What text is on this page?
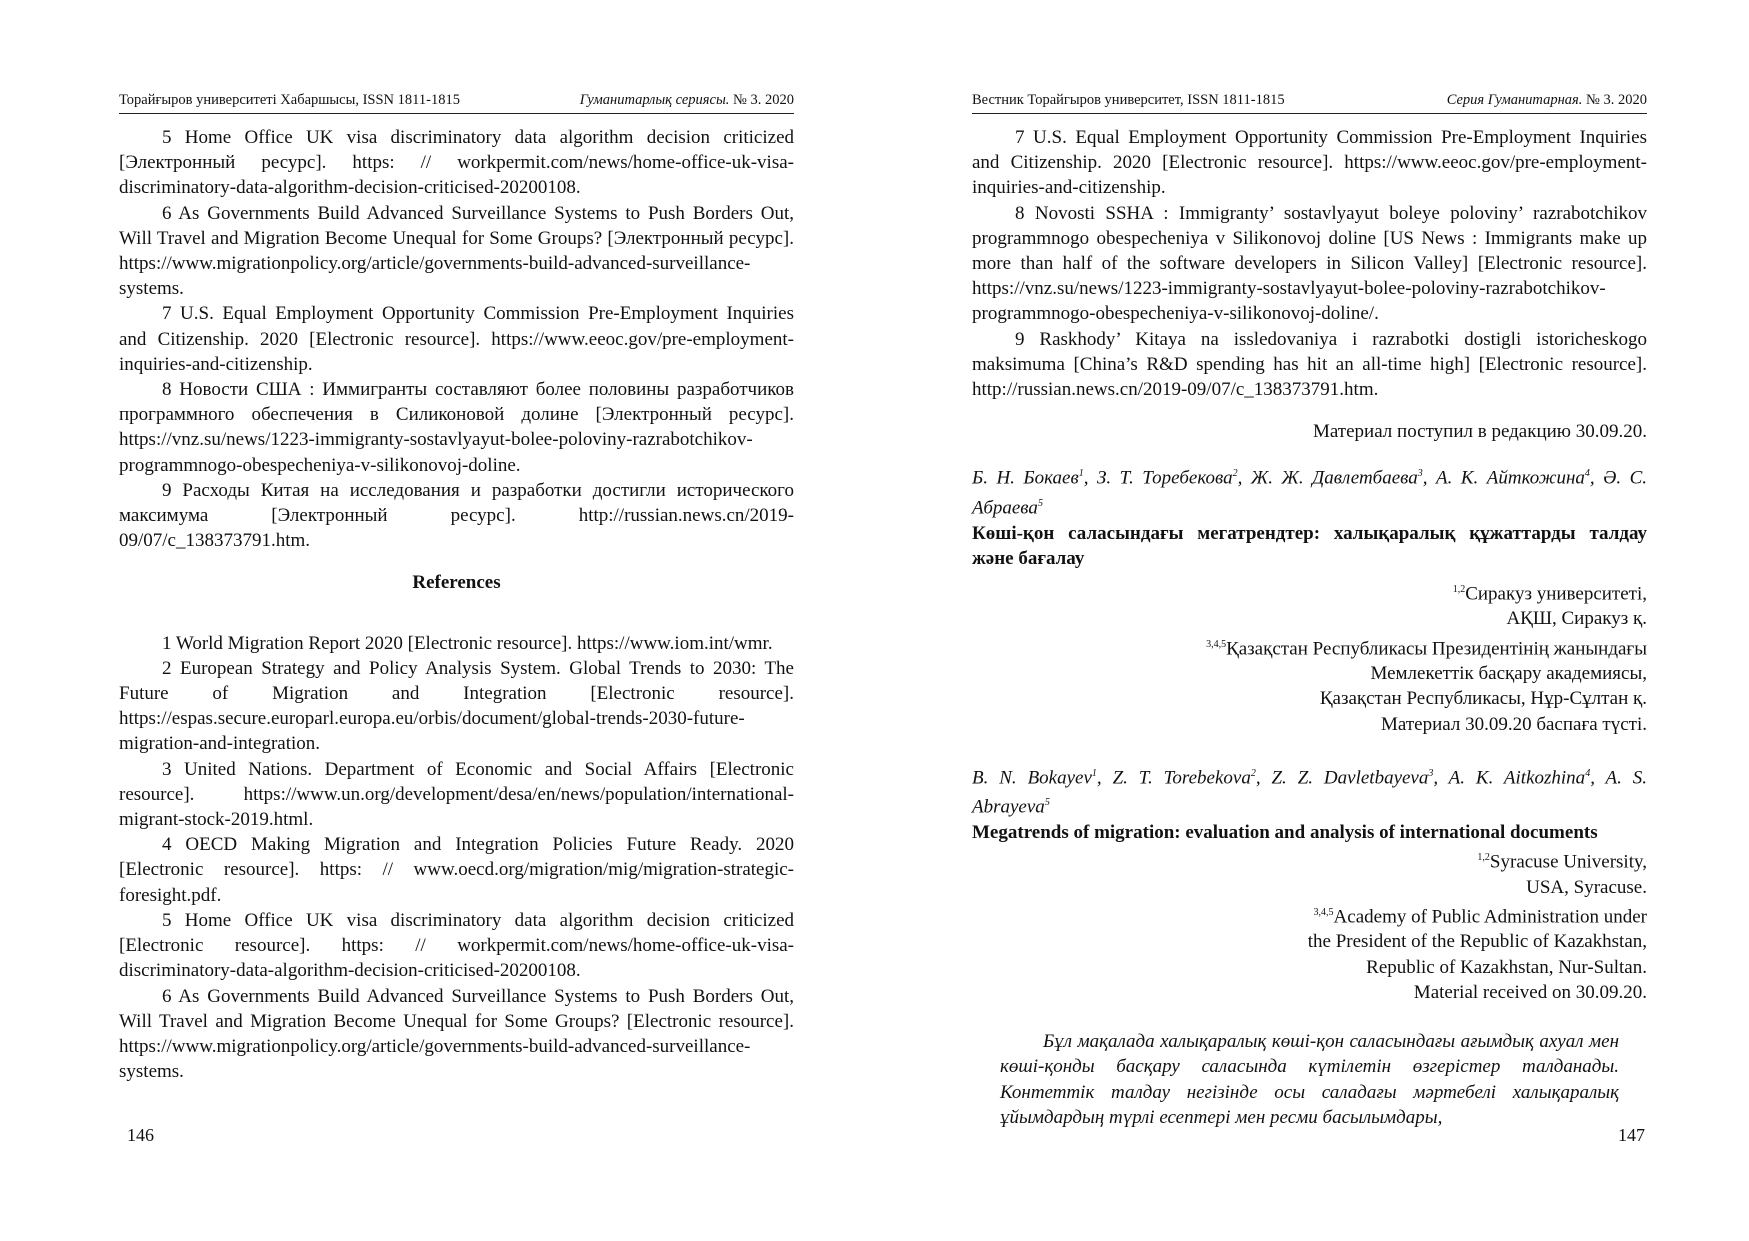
Торайғыров университеті Хабаршысы, ISSN 1811-1815	Гуманитарлық сериясы. № 3. 2020

5 Home Office UK visa discriminatory data algorithm decision criticized [Электронный ресурс]. https: // workpermit.com/news/home-office-uk-visa-discriminatory-data-algorithm-decision-criticised-20200108.

6 As Governments Build Advanced Surveillance Systems to Push Borders Out, Will Travel and Migration Become Unequal for Some Groups? [Электронный ресурс]. https://www.migrationpolicy.org/article/governments-build-advanced-surveillance-systems.

7 U.S. Equal Employment Opportunity Commission Pre-Employment Inquiries and Citizenship. 2020 [Electronic resource]. https://www.eeoc.gov/pre-employment-inquiries-and-citizenship.

8 Новости США : Иммигранты составляют более половины разработчиков программного обеспечения в Силиконовой долине [Электронный ресурс]. https://vnz.su/news/1223-immigranty-sostavlyayut-bolee-poloviny-razrabotchikov-programmnogo-obespecheniya-v-silikonovoj-doline.

9 Расходы Китая на исследования и разработки достигли исторического максимума [Электронный ресурс]. http://russian.news.cn/2019-09/07/c_138373791.htm.

References

1 World Migration Report 2020 [Electronic resource]. https://www.iom.int/wmr.

2 European Strategy and Policy Analysis System. Global Trends to 2030: The Future of Migration and Integration [Electronic resource]. https://espas.secure.europarl.europa.eu/orbis/document/global-trends-2030-future-migration-and-integration.

3 United Nations. Department of Economic and Social Affairs [Electronic resource]. https://www.un.org/development/desa/en/news/population/international-migrant-stock-2019.html.

4 OECD Making Migration and Integration Policies Future Ready. 2020 [Electronic resource]. https: // www.oecd.org/migration/mig/migration-strategic-foresight.pdf.

5 Home Office UK visa discriminatory data algorithm decision criticized [Electronic resource]. https: // workpermit.com/news/home-office-uk-visa-discriminatory-data-algorithm-decision-criticised-20200108.

6 As Governments Build Advanced Surveillance Systems to Push Borders Out, Will Travel and Migration Become Unequal for Some Groups? [Electronic resource]. https://www.migrationpolicy.org/article/governments-build-advanced-surveillance-systems.

146
Вестник Торайгыров университет, ISSN 1811-1815	Серия Гуманитарная. № 3. 2020

7 U.S. Equal Employment Opportunity Commission Pre-Employment Inquiries and Citizenship. 2020 [Electronic resource]. https://www.eeoc.gov/pre-employment-inquiries-and-citizenship.

8 Novosti SSHA : Immigranty’ sostavlyayut boleye poloviny’ razrabotchikov programmnogo obespecheniya v Silikonovoj doline [US News : Immigrants make up more than half of the software developers in Silicon Valley] [Electronic resource]. https://vnz.su/news/1223-immigranty-sostavlyayut-bolee-poloviny-razrabotchikov-programmnogo-obespecheniya-v-silikonovoj-doline/.

9 Raskhody’ Kitaya na issledovaniya i razrabotki dostigli istoricheskogo maksimuma [China’s R&D spending has hit an all-time high] [Electronic resource]. http://russian.news.cn/2019-09/07/c_138373791.htm.

Материал поступил в редакцию 30.09.20.

Б. Н. Бокаев$^1$, З. Т. Торебекова$^2$, Ж. Ж. Давлетбаева$^3$, А. К. Айткожина$^4$, Ә. С. Абраева$^5$

Көші-қон саласындағы мегатрендтер: халықаралық құжаттарды талдау және бағалау

$^{1,2}$Сиракуз университеті,

АҚШ, Сиракуз қ.

$^{3,4,5}$Қазақстан Республикасы Президентінің жанындағы

Мемлекеттік басқару академиясы,

Қазақстан Республикасы, Нұр-Сұлтан қ.

Материал 30.09.20 баспаға түсті.

B. N. Bokayev$^1$, Z. T. Torebekova$^2$, Z. Z. Davletbayeva$^3$, A. K. Aitkozhina$^4$, A. S. Abrayeva$^5$

Megatrends of migration: evaluation and analysis of international documents

$^{1,2}$Syracuse University,

USA, Syracuse.

$^{3,4,5}$Academy of Public Administration under

the President of the Republic of Kazakhstan,

Republic of Kazakhstan, Nur-Sultan.

Material received on 30.09.20.

Бұл мақалада халықаралық көші-қон саласындағы ағымдық ахуал мен көші-қонды басқару саласында күтілетін өзгерістер талданады. Контеттік талдау негізінде осы саладағы мәртебелі халықаралық ұйымдардың түрлі есептері мен ресми басылымдары,

147
